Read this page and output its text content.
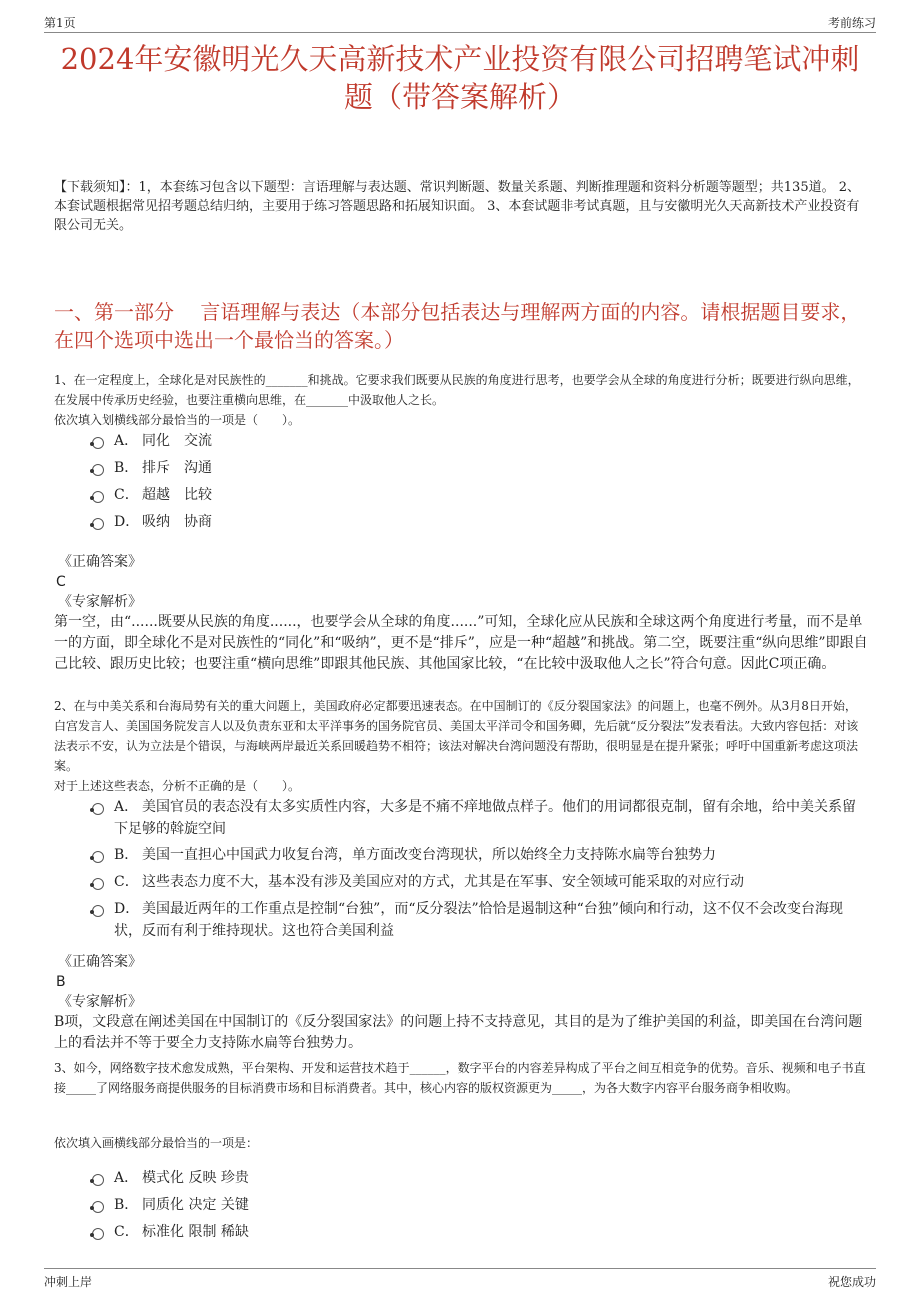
第1页	考前练习
2024年安徽明光久天高新技术产业投资有限公司招聘笔试冲刺题（带答案解析）
【下载须知】：1，本套练习包含以下题型：言语理解与表达题、常识判断题、数量关系题、判断推理题和资料分析题等题型；共135道。 2、本套试题根据常见招考题总结归纳，主要用于练习答题思路和拓展知识面。 3、本套试题非考试真题，且与安徽明光久天高新技术产业投资有限公司无关。
一、第一部分　 言语理解与表达（本部分包括表达与理解两方面的内容。请根据题目要求，在四个选项中选出一个最恰当的答案。）
1、在一定程度上，全球化是对民族性的_______和挑战。它要求我们既要从民族的角度进行思考，也要学会从全球的角度进行分析；既要进行纵向思维，在发展中传承历史经验，也要注重横向思维，在_______中汲取他人之长。
依次填入划横线部分最恰当的一项是（　　）。
A． 同化　交流
B． 排斥　沟通
C． 超越　比较
D． 吸纳　协商
《正确答案》
C
《专家解析》
第一空，由“......既要从民族的角度......，也要学会从全球的角度......”可知，全球化应从民族和全球这两个角度进行考量，而不是单一的方面，即全球化不是对民族性的“同化”和“吸纳”，更不是“排斥”，应是一种“超越”和挑战。第二空，既要注重“纵向思维”即跟自己比较、跟历史比较；也要注重“横向思维”即跟其他民族、其他国家比较，“在比较中汲取他人之长”符合句意。因此C项正确。
2、在与中美关系和台海局势有关的重大问题上，美国政府必定都要迅速表态。在中国制订的《反分裂国家法》的问题上，也毫不例外。从3月8日开始，白宫发言人、美国国务院发言人以及负责东亚和太平洋事务的国务院官员、美国太平洋司令和国务卿，先后就“反分裂法”发表看法。大致内容包括：对该法表示不安，认为立法是个错误，与海峡两岸最近关系回暖趋势不相符；该法对解决台湾问题没有帮助，很明显是在提升紧张；呼吁中国重新考虑这项法案。
对于上述这些表态，分析不正确的是（　　）。
A． 美国官员的表态没有太多实质性内容，大多是不痛不痒地做点样子。他们的用词都很克制，留有余地，给中美关系留下足够的斡旋空间
B． 美国一直担心中国武力收复台湾，单方面改变台湾现状，所以始终全力支持陈水扁等台独势力
C． 这些表态力度不大，基本没有涉及美国应对的方式，尤其是在军事、安全领域可能采取的对应行动
D． 美国最近两年的工作重点是控制“台独”，而“反分裂法”恰恰是遏制这种“台独”倾向和行动，这不仅不会改变台海现状，反而有利于维持现状。这也符合美国利益
《正确答案》
B
《专家解析》
B项，文段意在阐述美国在中国制订的《反分裂国家法》的问题上持不支持意见，其目的是为了维护美国的利益，即美国在台湾问题上的看法并不等于要全力支持陈水扁等台独势力。
3、如今，网络数字技术愈发成熟，平台架构、开发和运营技术趋于______，数字平台的内容差异构成了平台之间互相竞争的优势。音乐、视频和电子书直接_____了网络服务商提供服务的目标消费市场和目标消费者。其中，核心内容的版权资源更为_____，为各大数字内容平台服务商争相收购。
依次填入画横线部分最恰当的一项是：
A． 模式化 反映 珍贵
B． 同质化 决定 关键
C． 标准化 限制 稀缺
冲刺上岸	祝您成功
